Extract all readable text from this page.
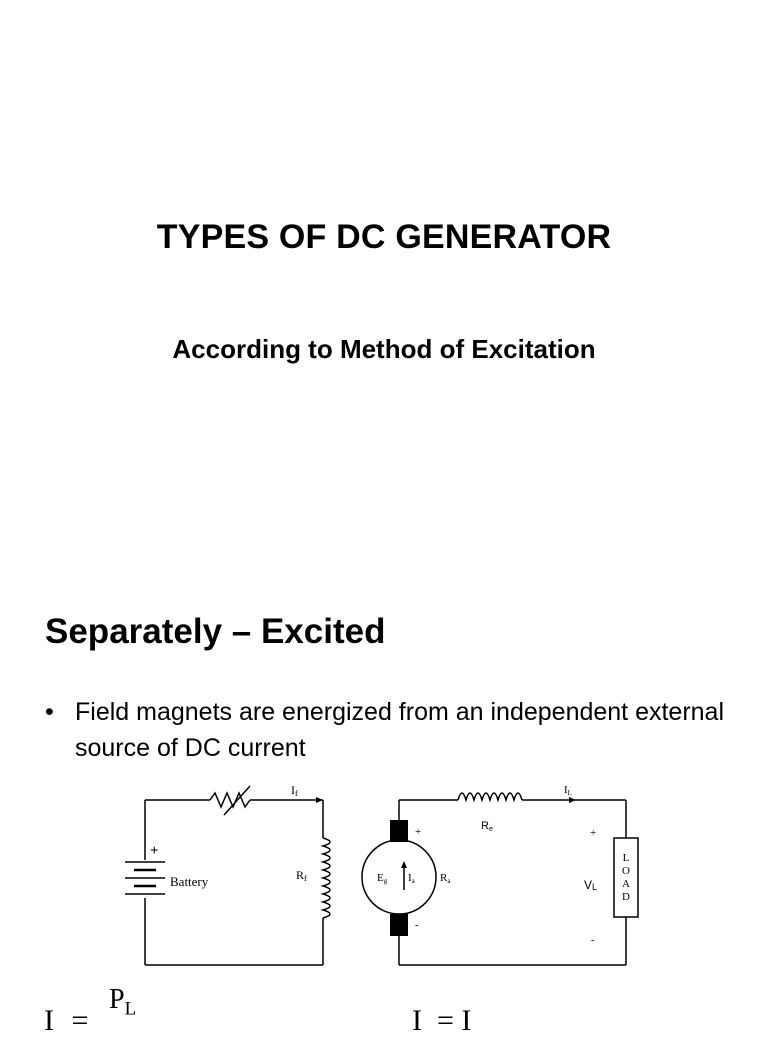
TYPES OF DC GENERATOR
According to Method of Excitation
Separately – Excited
• Field magnets are energized from an independent external source of DC current
+
Battery
If
Rf
+
-
Eg Ia Ra
Re
IL
+
-
VL
L
O
A
D
I =
$P_L$	I  = I
